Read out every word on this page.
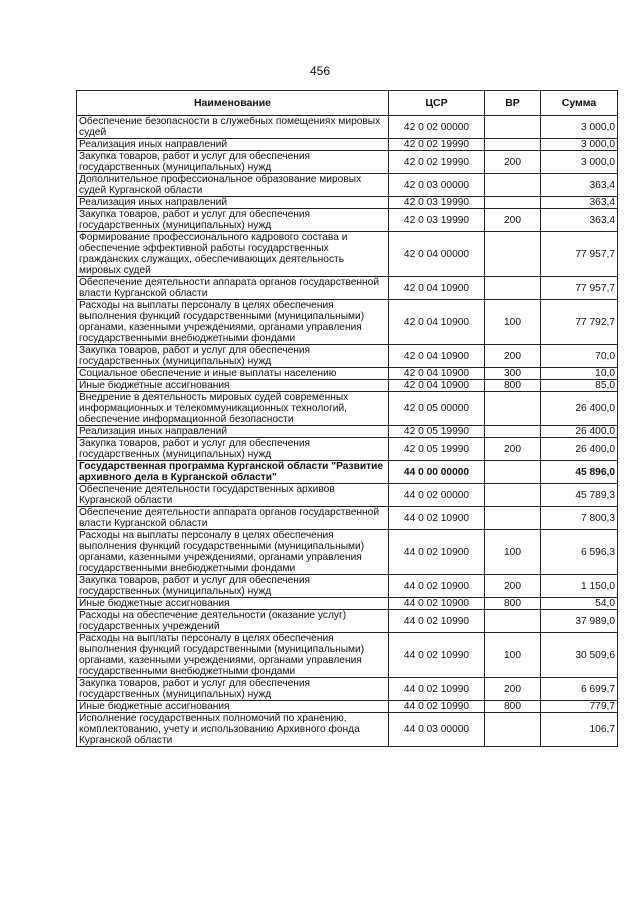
456
Наименование	ЦСР	ВР	Сумма
Обеспечение безопасности в служебных помещениях мировых судей	42 0 02 00000		3 000,0
Реализация иных направлений	42 0 02 19990		3 000,0
Закупка товаров, работ и услуг для обеспечения государственных (муниципальных) нужд	42 0 02 19990	200	3 000,0
Дополнительное профессиональное образование мировых судей Курганской области	42 0 03 00000		363,4
Реализация иных направлений	42 0 03 19990		363,4
Закупка товаров, работ и услуг для обеспечения государственных (муниципальных) нужд	42 0 03 19990	200	363,4
Формирование профессионального кадрового состава и обеспечение эффективной работы государственных гражданских служащих, обеспечивающих деятельность мировых судей	42 0 04 00000		77 957,7
Обеспечение деятельности аппарата органов государственной власти Курганской области	42 0 04 10900		77 957,7
Расходы на выплаты персоналу в целях обеспечения выполнения функций государственными (муниципальными) органами, казенными учреждениями, органами управления государственными внебюджетными фондами	42 0 04 10900	100	77 792,7
Закупка товаров, работ и услуг для обеспечения государственных (муниципальных) нужд	42 0 04 10900	200	70,0
Социальное обеспечение и иные выплаты населению	42 0 04 10900	300	10,0
Иные бюджетные ассигнования	42 0 04 10900	800	85,0
Внедрение в деятельность мировых судей современных информационных и телекоммуникационных технологий, обеспечение информационной безопасности	42 0 05 00000		26 400,0
Реализация иных направлений	42 0 05 19990		26 400,0
Закупка товаров, работ и услуг для обеспечения государственных (муниципальных) нужд	42 0 05 19990	200	26 400,0
Государственная программа Курганской области "Развитие архивного дела в Курганской области"	44 0 00 00000		45 896,0
Обеспечение деятельности государственных архивов Курганской области	44 0 02 00000		45 789,3
Обеспечение деятельности аппарата органов государственной власти Курганской области	44 0 02 10900		7 800,3
Расходы на выплаты персоналу в целях обеспечения выполнения функций государственными (муниципальными) органами, казенными учреждениями, органами управления государственными внебюджетными фондами	44 0 02 10900	100	6 596,3
Закупка товаров, работ и услуг для обеспечения государственных (муниципальных) нужд	44 0 02 10900	200	1 150,0
Иные бюджетные ассигнования	44 0 02 10900	800	54,0
Расходы на обеспечение деятельности (оказание услуг) государственных учреждений	44 0 02 10990		37 989,0
Расходы на выплаты персоналу в целях обеспечения выполнения функций государственными (муниципальными) органами, казенными учреждениями, органами управления государственными внебюджетными фондами	44 0 02 10990	100	30 509,6
Закупка товаров, работ и услуг для обеспечения государственных (муниципальных) нужд	44 0 02 10990	200	6 699,7
Иные бюджетные ассигнования	44 0 02 10990	800	779,7
Исполнение государственных полномочий по хранению, комплектованию, учету и использованию Архивного фонда Курганской области	44 0 03 00000		106,7
